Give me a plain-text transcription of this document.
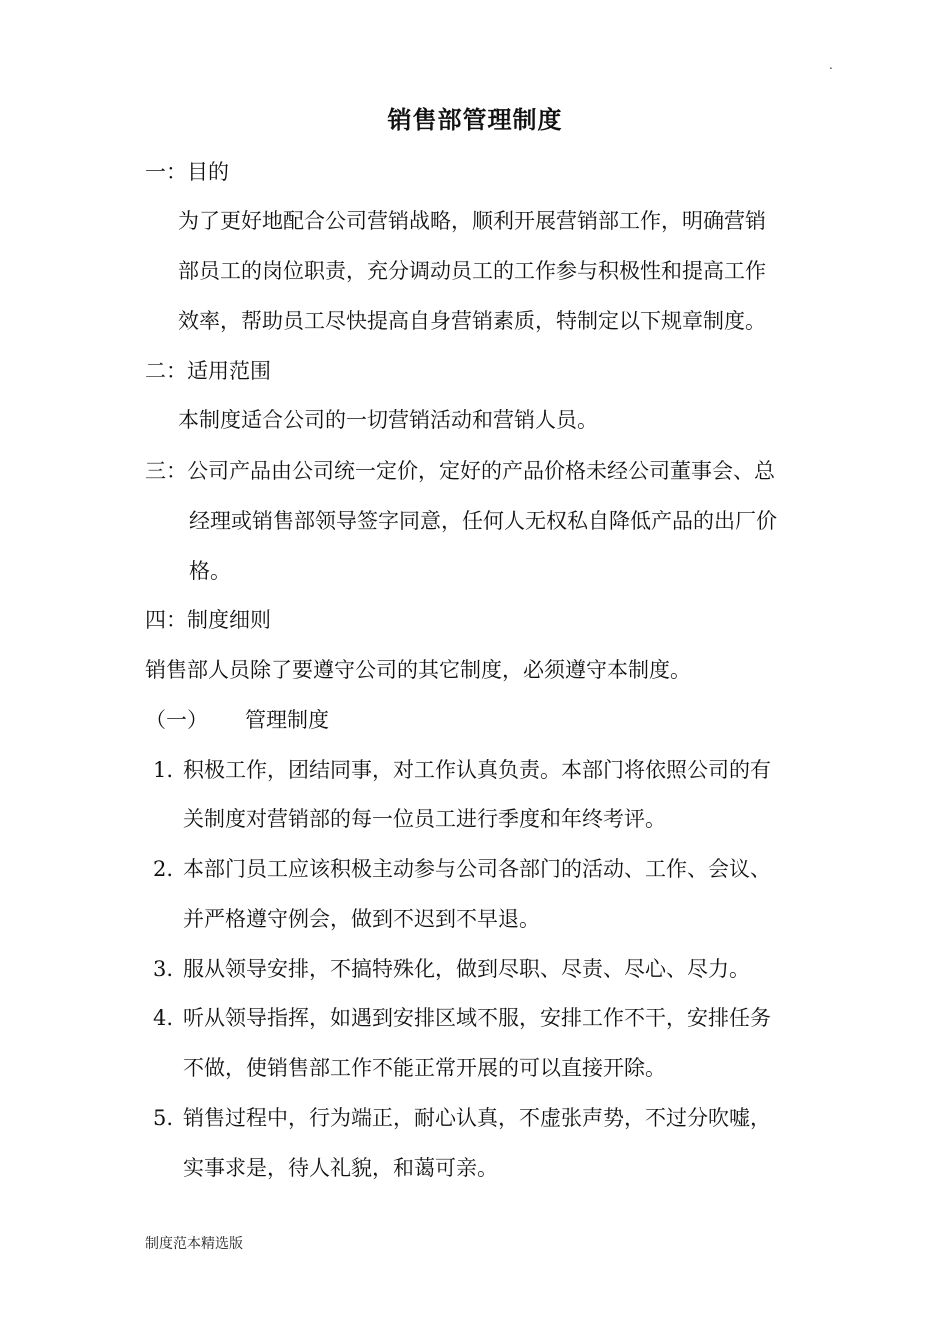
.
销售部管理制度
一：目的
为了更好地配合公司营销战略，顺利开展营销部工作，明确营销
部员工的岗位职责，充分调动员工的工作参与积极性和提高工作
效率，帮助员工尽快提高自身营销素质，特制定以下规章制度。
二：适用范围
本制度适合公司的一切营销活动和营销人员。
三：公司产品由公司统一定价，定好的产品价格未经公司董事会、总
经理或销售部领导签字同意，任何人无权私自降低产品的出厂价
格。
四：制度细则
销售部人员除了要遵守公司的其它制度，必须遵守本制度。
（一） 管理制度
1. 积极工作，团结同事，对工作认真负责。本部门将依照公司的有
关制度对营销部的每一位员工进行季度和年终考评。
2. 本部门员工应该积极主动参与公司各部门的活动、工作、会议、
并严格遵守例会，做到不迟到不早退。
3. 服从领导安排，不搞特殊化，做到尽职、尽责、尽心、尽力。
4. 听从领导指挥，如遇到安排区域不服，安排工作不干，安排任务
不做，使销售部工作不能正常开展的可以直接开除。
5. 销售过程中，行为端正，耐心认真，不虚张声势，不过分吹嘘，
实事求是，待人礼貌，和蔼可亲。
制度范本精选版
